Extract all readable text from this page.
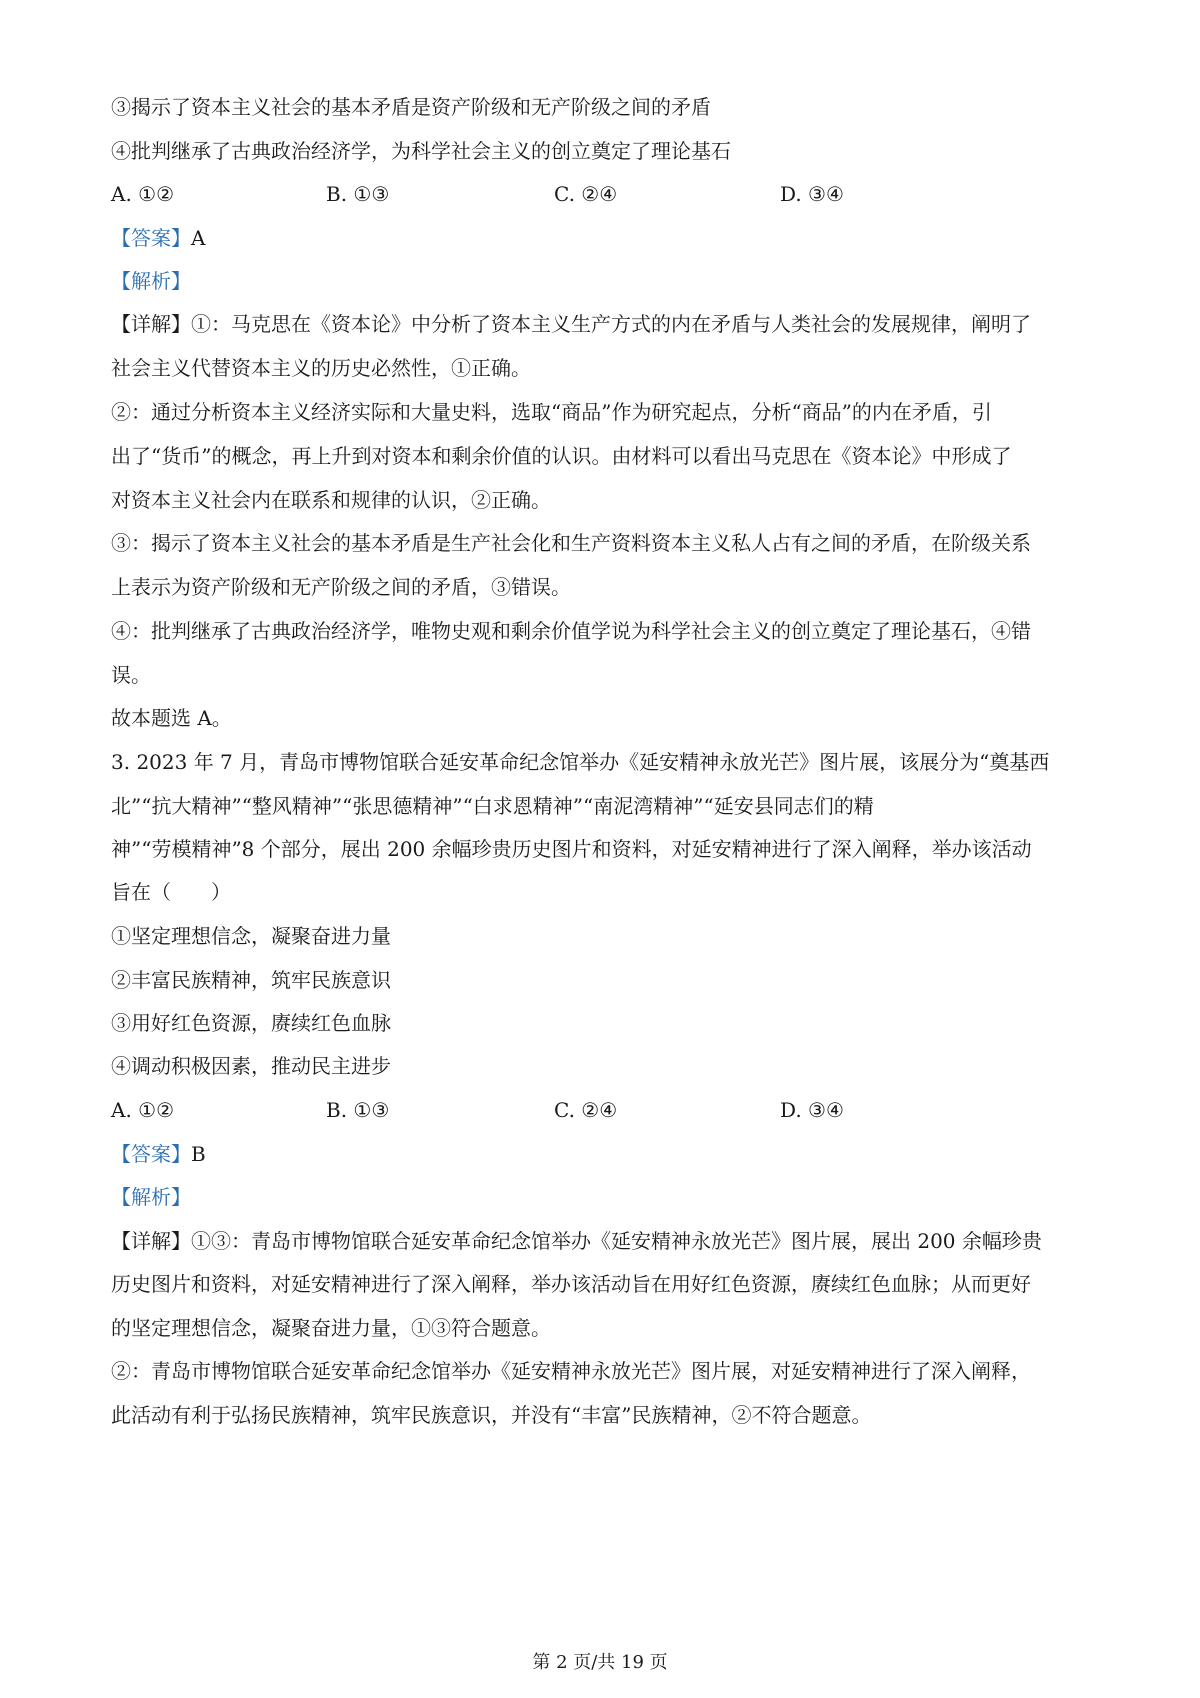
③揭示了资本主义社会的基本矛盾是资产阶级和无产阶级之间的矛盾
④批判继承了古典政治经济学，为科学社会主义的创立奠定了理论基石
A. ①②	B. ①③	C. ②④	D. ③④
【答案】A
【解析】
【详解】①：马克思在《资本论》中分析了资本主义生产方式的内在矛盾与人类社会的发展规律，阐明了
社会主义代替资本主义的历史必然性，①正确。
②：通过分析资本主义经济实际和大量史料，选取“商品”作为研究起点，分析“商品”的内在矛盾，引
出了“货币”的概念，再上升到对资本和剩余价值的认识。由材料可以看出马克思在《资本论》中形成了
对资本主义社会内在联系和规律的认识，②正确。
③：揭示了资本主义社会的基本矛盾是生产社会化和生产资料资本主义私人占有之间的矛盾，在阶级关系
上表示为资产阶级和无产阶级之间的矛盾，③错误。
④：批判继承了古典政治经济学，唯物史观和剩余价值学说为科学社会主义的创立奠定了理论基石，④错
误。
故本题选 A。
3. 2023 年 7 月，青岛市博物馆联合延安革命纪念馆举办《延安精神永放光芒》图片展，该展分为“奠基西
北”“抗大精神”“整风精神”“张思德精神”“白求恩精神”“南泥湾精神”“延安县同志们的精
神”“劳模精神”8 个部分，展出 200 余幅珍贵历史图片和资料，对延安精神进行了深入阐释，举办该活动
旨在（　　）
①坚定理想信念，凝聚奋进力量
②丰富民族精神，筑牢民族意识
③用好红色资源，赓续红色血脉
④调动积极因素，推动民主进步
A. ①②	B. ①③	C. ②④	D. ③④
【答案】B
【解析】
【详解】①③：青岛市博物馆联合延安革命纪念馆举办《延安精神永放光芒》图片展，展出 200 余幅珍贵
历史图片和资料，对延安精神进行了深入阐释，举办该活动旨在用好红色资源，赓续红色血脉；从而更好
的坚定理想信念，凝聚奋进力量，①③符合题意。
②：青岛市博物馆联合延安革命纪念馆举办《延安精神永放光芒》图片展，对延安精神进行了深入阐释，
此活动有利于弘扬民族精神，筑牢民族意识，并没有“丰富”民族精神，②不符合题意。
第 2 页/共 19 页
